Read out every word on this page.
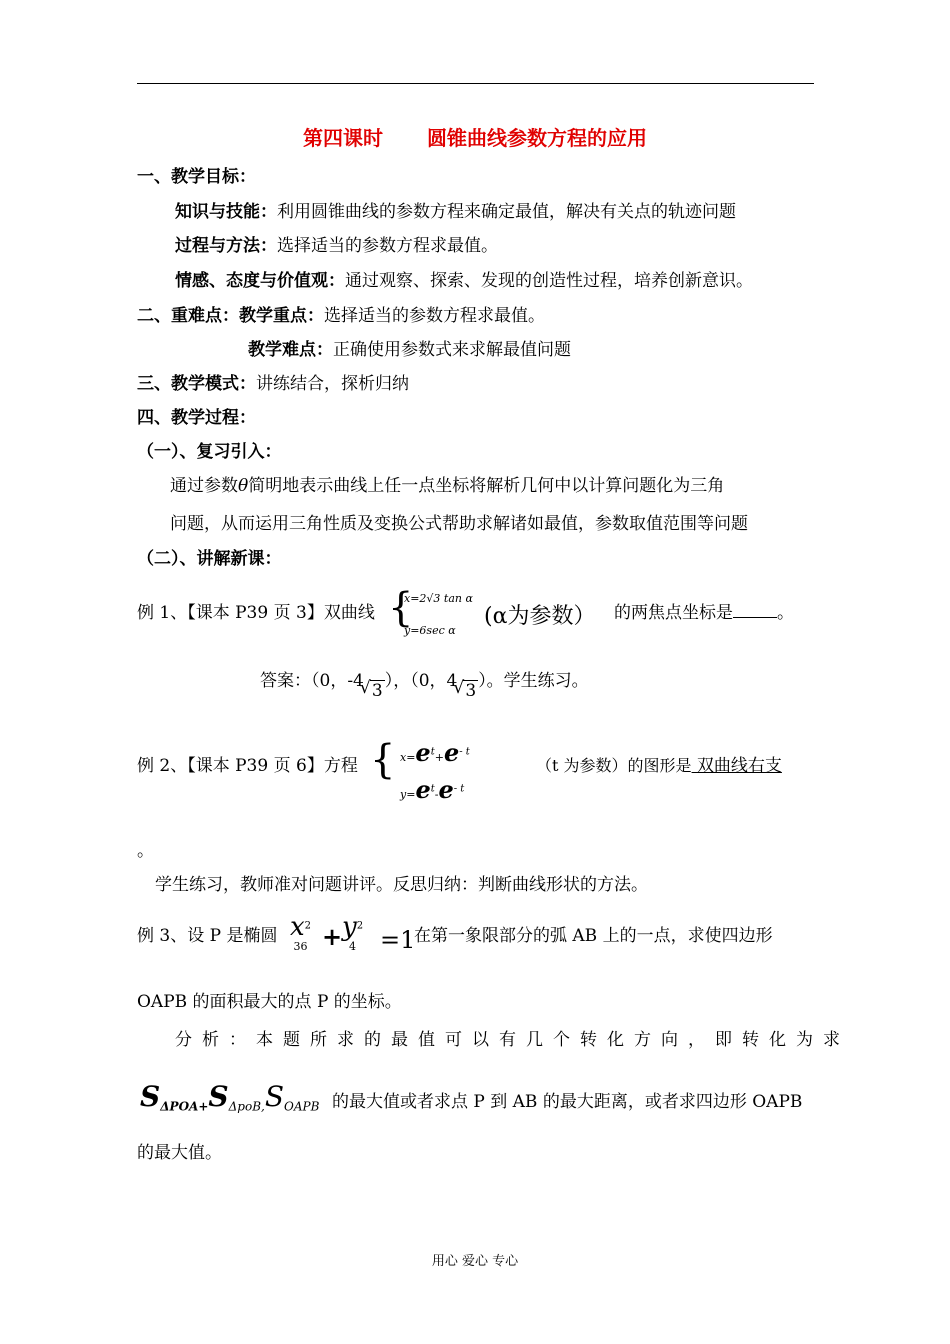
第四课时 圆锥曲线参数方程的应用
一、教学目标：
知识与技能：利用圆锥曲线的参数方程来确定最值，解决有关点的轨迹问题
过程与方法：选择适当的参数方程求最值。
情感、态度与价值观：通过观察、探索、发现的创造性过程，培养创新意识。
二、重难点：教学重点：选择适当的参数方程求最值。
教学难点：正确使用参数式来求解最值问题
三、教学模式：讲练结合，探析归纳
四、教学过程：
（一）、复习引入：
通过参数θ简明地表示曲线上任一点坐标将解析几何中以计算问题化为三角
问题，从而运用三角性质及变换公式帮助求解诸如最值，参数取值范围等问题
（二）、讲解新课：
例 1、【课本 P39 页 3】双曲线 {
x=2√3 tan α
y=6sec α
(α为参数） 的两焦点坐标是	。
答案：（0，-4 √ 3 ），（0，4 √ 3 ）。学生练习。
例 2、【课本 P39 页 6】方程 { $x=e^t+e^{- t}$
$y=e^t-e^{- t}$
（t 为参数）的图形是 双曲线右支
。
学生练习，教师准对问题讲评。反思归纳：判断曲线形状的方法。
例 3、设 P 是椭圆 $x^2$
$36 + y^2$
4 =1
在第一象限部分的弧 AB 上的一点，求使四边形
OAPB 的面积最大的点 P 的坐标。
分析：本题所求的最值可以有几个转化方向，即转化为求
$S_{\Delta POA+}S_{\Delta poB,}S_{OAPB}$ 的最大值或者求点 P 到 AB 的最大距离，或者求四边形 OAPB
的最大值。
用心 爱心 专心
